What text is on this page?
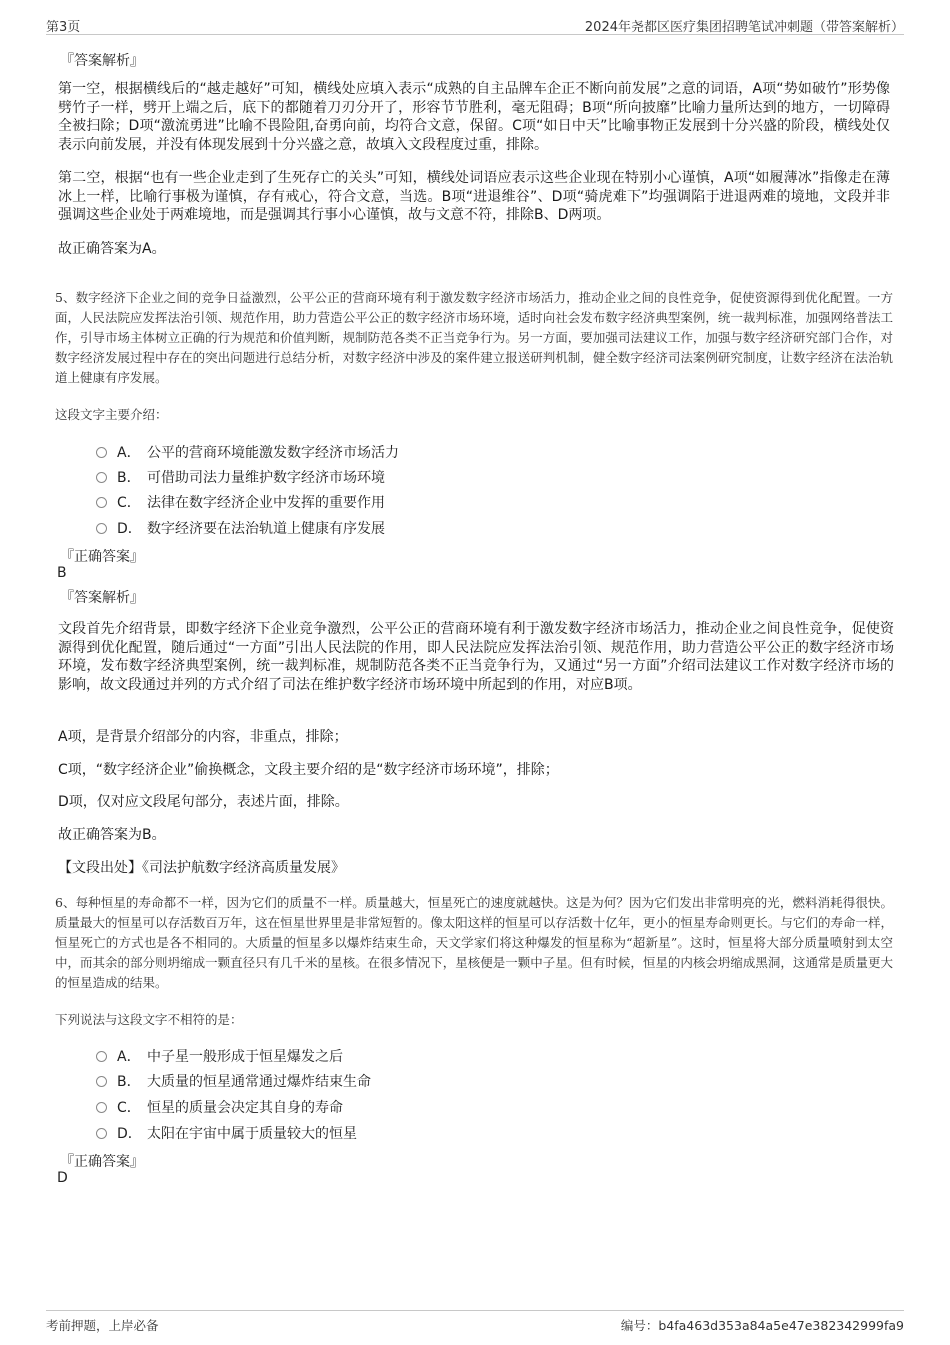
第3页	2024年尧都区医疗集团招聘笔试冲刺题（带答案解析）
『答案解析』
第一空，根据横线后的“越走越好”可知，横线处应填入表示“成熟的自主品牌车企正不断向前发展”之意的词语，A项“势如破竹”形势像劈竹子一样，劈开上端之后，底下的都随着刀刃分开了，形容节节胜利，毫无阻碍；B项“所向披靡”比喻力量所达到的地方，一切障碍全被扫除；D项“激流勇进”比喻不畏险阻,奋勇向前，均符合文意，保留。C项“如日中天”比喻事物正发展到十分兴盛的阶段，横线处仅表示向前发展，并没有体现发展到十分兴盛之意，故填入文段程度过重，排除。
第二空，根据“也有一些企业走到了生死存亡的关头”可知，横线处词语应表示这些企业现在特别小心谨慎，A项“如履薄冰”指像走在薄冰上一样，比喻行事极为谨慎，存有戒心，符合文意，当选。B项“进退维谷”、D项“骑虎难下”均强调陷于进退两难的境地，文段并非强调这些企业处于两难境地，而是强调其行事小心谨慎，故与文意不符，排除B、D两项。
故正确答案为A。
5、数字经济下企业之间的竞争日益激烈，公平公正的营商环境有利于激发数字经济市场活力，推动企业之间的良性竞争，促使资源得到优化配置。一方面，人民法院应发挥法治引领、规范作用，助力营造公平公正的数字经济市场环境，适时向社会发布数字经济典型案例，统一裁判标准，加强网络普法工作，引导市场主体树立正确的行为规范和价值判断，规制防范各类不正当竞争行为。另一方面，要加强司法建议工作，加强与数字经济研究部门合作，对数字经济发展过程中存在的突出问题进行总结分析，对数字经济中涉及的案件建立报送研判机制，健全数字经济司法案例研究制度，让数字经济在法治轨道上健康有序发展。
这段文字主要介绍：
A． 公平的营商环境能激发数字经济市场活力
B． 可借助司法力量维护数字经济市场环境
C． 法律在数字经济企业中发挥的重要作用
D． 数字经济要在法治轨道上健康有序发展
『正确答案』
B
『答案解析』
文段首先介绍背景，即数字经济下企业竞争激烈，公平公正的营商环境有利于激发数字经济市场活力，推动企业之间良性竞争，促使资源得到优化配置，随后通过“一方面”引出人民法院的作用，即人民法院应发挥法治引领、规范作用，助力营造公平公正的数字经济市场环境，发布数字经济典型案例，统一裁判标准，规制防范各类不正当竞争行为，又通过“另一方面”介绍司法建议工作对数字经济市场的影响，故文段通过并列的方式介绍了司法在维护数字经济市场环境中所起到的作用，对应B项。
A项，是背景介绍部分的内容，非重点，排除；
C项，“数字经济企业”偷换概念，文段主要介绍的是“数字经济市场环境”，排除；
D项，仅对应文段尾句部分，表述片面，排除。
故正确答案为B。
【文段出处】《司法护航数字经济高质量发展》
6、每种恒星的寿命都不一样，因为它们的质量不一样。质量越大，恒星死亡的速度就越快。这是为何？因为它们发出非常明亮的光，燃料消耗得很快。质量最大的恒星可以存活数百万年，这在恒星世界里是非常短暂的。像太阳这样的恒星可以存活数十亿年，更小的恒星寿命则更长。与它们的寿命一样，恒星死亡的方式也是各不相同的。大质量的恒星多以爆炸结束生命，天文学家们将这种爆发的恒星称为“超新星”。这时，恒星将大部分质量喷射到太空中，而其余的部分则坍缩成一颗直径只有几千米的星核。在很多情况下，星核便是一颗中子星。但有时候，恒星的内核会坍缩成黑洞，这通常是质量更大的恒星造成的结果。
下列说法与这段文字不相符的是：
A． 中子星一般形成于恒星爆发之后
B． 大质量的恒星通常通过爆炸结束生命
C． 恒星的质量会决定其自身的寿命
D． 太阳在宇宙中属于质量较大的恒星
『正确答案』
D
考前押题，上岸必备	编号：b4fa463d353a84a5e47e382342999fa9
